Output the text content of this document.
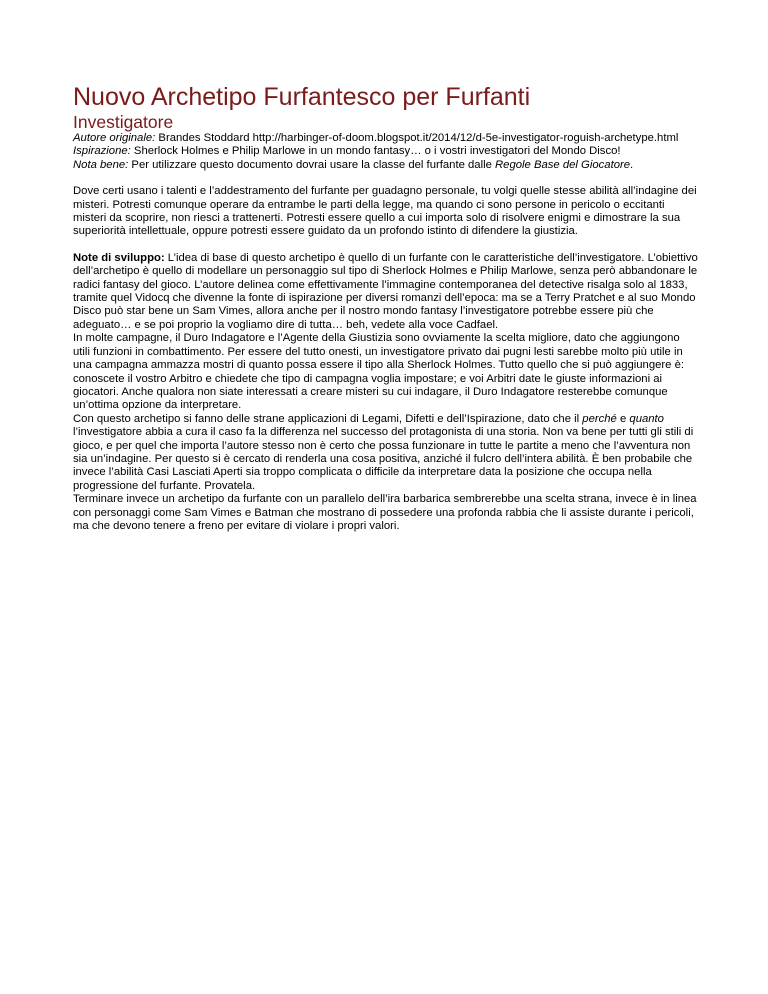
Nuovo Archetipo Furfantesco per Furfanti
Investigatore

Autore originale: Brandes Stoddard http://harbinger-of-doom.blogspot.it/2014/12/d-5e-investigator-roguish-archetype.html

Ispirazione: Sherlock Holmes e Philip Marlowe in un mondo fantasy… o i vostri investigatori del Mondo Disco!

Nota bene: Per utilizzare questo documento dovrai usare la classe del furfante dalle Regole Base del Giocatore.

Dove certi usano i talenti e l’addestramento del furfante per guadagno personale, tu volgi quelle stesse abilità all’indagine dei misteri. Potresti comunque operare da entrambe le parti della legge, ma quando ci sono persone in pericolo o eccitanti misteri da scoprire, non riesci a trattenerti. Potresti essere quello a cui importa solo di risolvere enigmi e dimostrare la sua superiorità intellettuale, oppure potresti essere guidato da un profondo istinto di difendere la giustizia.

Note di sviluppo: L’idea di base di questo archetipo è quello di un furfante con le caratteristiche dell’investigatore. L’obiettivo dell’archetipo è quello di modellare un personaggio sul tipo di Sherlock Holmes e Philip Marlowe, senza però abbandonare le radici fantasy del gioco. L’autore delinea come effettivamente l’immagine contemporanea del detective risalga solo al 1833, tramite quel Vidocq che divenne la fonte di ispirazione per diversi romanzi dell’epoca: ma se a Terry Pratchet e al suo Mondo Disco può star bene un Sam Vimes, allora anche per il nostro mondo fantasy l’investigatore potrebbe essere più che adeguato… e se poi proprio la vogliamo dire di tutta… beh, vedete alla voce Cadfael.

In molte campagne, il Duro Indagatore e l’Agente della Giustizia sono ovviamente la scelta migliore, dato che aggiungono utili funzioni in combattimento. Per essere del tutto onesti, un investigatore privato dai pugni lesti sarebbe molto più utile in una campagna ammazza mostri di quanto possa essere il tipo alla Sherlock Holmes. Tutto quello che si può aggiungere è: conoscete il vostro Arbitro e chiedete che tipo di campagna voglia impostare; e voi Arbitri date le giuste informazioni ai giocatori. Anche qualora non siate interessati a creare misteri su cui indagare, il Duro Indagatore resterebbe comunque un’ottima opzione da interpretare.

Con questo archetipo si fanno delle strane applicazioni di Legami, Difetti e dell’Ispirazione, dato che il perché e quanto l’investigatore abbia a cura il caso fa la differenza nel successo del protagonista di una storia. Non va bene per tutti gli stili di gioco, e per quel che importa l’autore stesso non è certo che possa funzionare in tutte le partite a meno che l’avventura non sia un’indagine. Per questo si è cercato di renderla una cosa positiva, anziché il fulcro dell’intera abilità. È ben probabile che invece l’abilità Casi Lasciati Aperti sia troppo complicata o difficile da interpretare data la posizione che occupa nella progressione del furfante. Provatela.

Terminare invece un archetipo da furfante con un parallelo dell’ira barbarica sembrerebbe una scelta strana, invece è in linea con personaggi come Sam Vimes e Batman che mostrano di possedere una profonda rabbia che li assiste durante i pericoli, ma che devono tenere a freno per evitare di violare i propri valori.
